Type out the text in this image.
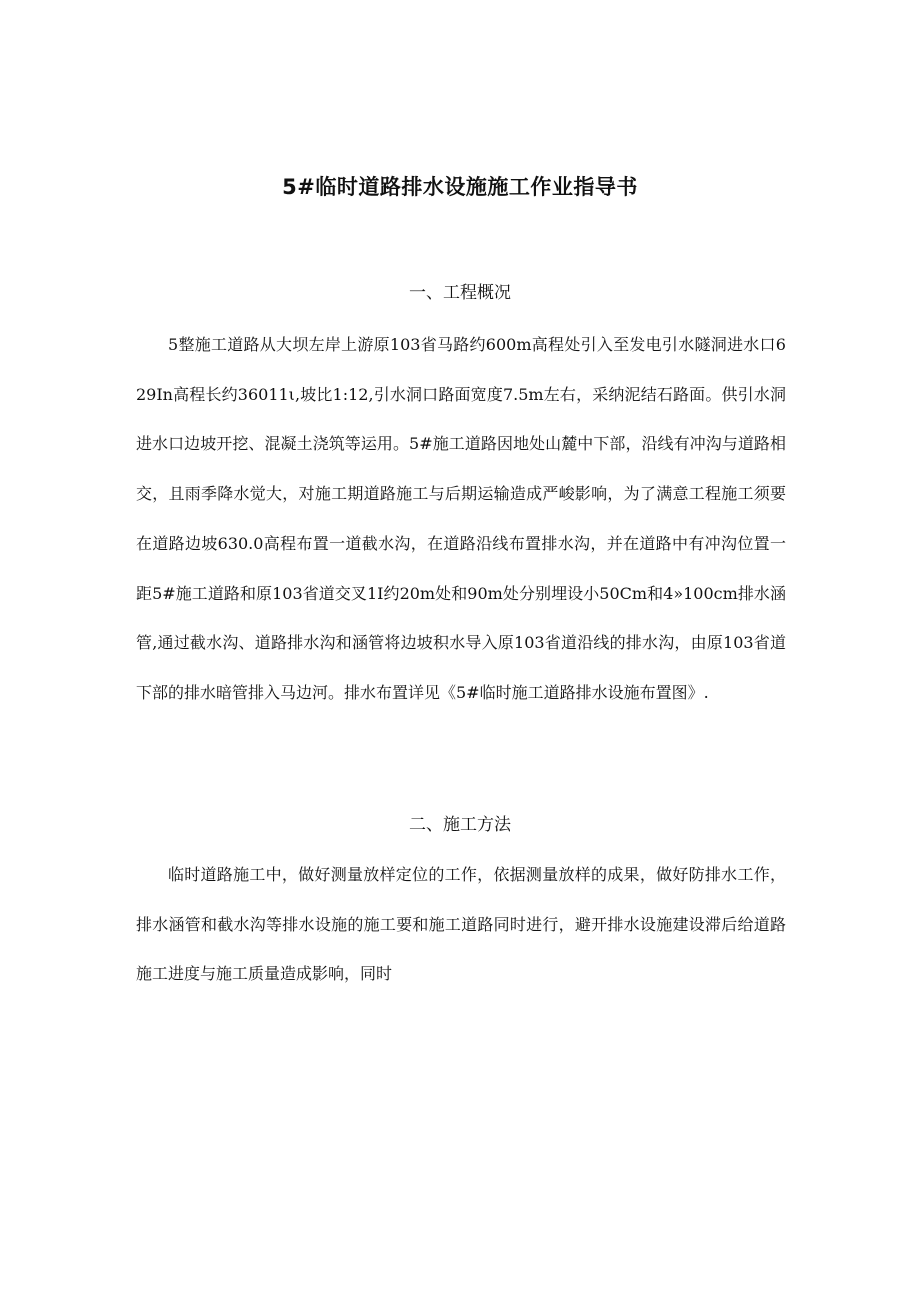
5#临时道路排水设施施工作业指导书
一、工程概况

5整施工道路从大坝左岸上游原103省马路约600m高程处引入至发电引水隧洞进水口629In高程长约36011ι,坡比1:12,引水洞口路面宽度7.5m左右，采纳泥结石路面。供引水洞进水口边坡开挖、混凝土浇筑等运用。5#施工道路因地处山麓中下部，沿线有冲沟与道路相交，且雨季降水觉大，对施工期道路施工与后期运输造成严峻影响，为了满意工程施工须要在道路边坡630.0高程布置一道截水沟，在道路沿线布置排水沟，并在道路中有冲沟位置一距5#施工道路和原103省道交叉1I约20m处和90m处分别埋设小50Cm和4»100cm排水涵管,通过截水沟、道路排水沟和涵管将边坡积水导入原103省道沿线的排水沟，由原103省道下部的排水暗管排入马边河。排水布置详见《5#临时施工道路排水设施布置图》.

二、施工方法

临时道路施工中，做好测量放样定位的工作，依据测量放样的成果，做好防排水工作，排水涵管和截水沟等排水设施的施工要和施工道路同时进行，避开排水设施建设滞后给道路施工进度与施工质量造成影响，同时
